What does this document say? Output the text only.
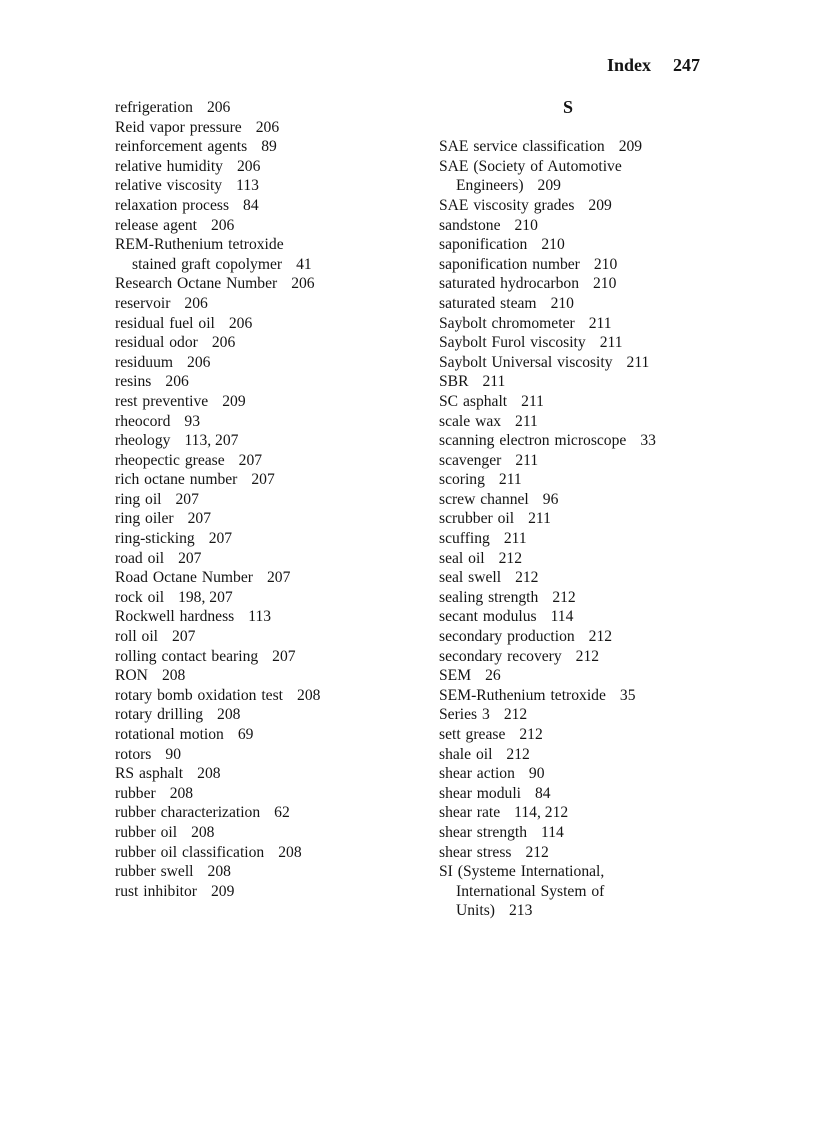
Index 247
refrigeration 206
Reid vapor pressure 206
reinforcement agents 89
relative humidity 206
relative viscosity 113
relaxation process 84
release agent 206
REM-Ruthenium tetroxide
stained graft copolymer 41
Research Octane Number 206
reservoir 206
residual fuel oil 206
residual odor 206
residuum 206
resins 206
rest preventive 209
rheocord 93
rheology 113, 207
rheopectic grease 207
rich octane number 207
ring oil 207
ring oiler 207
ring-sticking 207
road oil 207
Road Octane Number 207
rock oil 198, 207
Rockwell hardness 113
roll oil 207
rolling contact bearing 207
RON 208
rotary bomb oxidation test 208
rotary drilling 208
rotational motion 69
rotors 90
RS asphalt 208
rubber 208
rubber characterization 62
rubber oil 208
rubber oil classification 208
rubber swell 208
rust inhibitor 209
S
SAE service classification 209
SAE (Society of Automotive
Engineers) 209
SAE viscosity grades 209
sandstone 210
saponification 210
saponification number 210
saturated hydrocarbon 210
saturated steam 210
Saybolt chromometer 211
Saybolt Furol viscosity 211
Saybolt Universal viscosity 211
SBR 211
SC asphalt 211
scale wax 211
scanning electron microscope 33
scavenger 211
scoring 211
screw channel 96
scrubber oil 211
scuffing 211
seal oil 212
seal swell 212
sealing strength 212
secant modulus 114
secondary production 212
secondary recovery 212
SEM 26
SEM-Ruthenium tetroxide 35
Series 3 212
sett grease 212
shale oil 212
shear action 90
shear moduli 84
shear rate 114, 212
shear strength 114
shear stress 212
SI (Systeme International,
International System of
Units) 213
